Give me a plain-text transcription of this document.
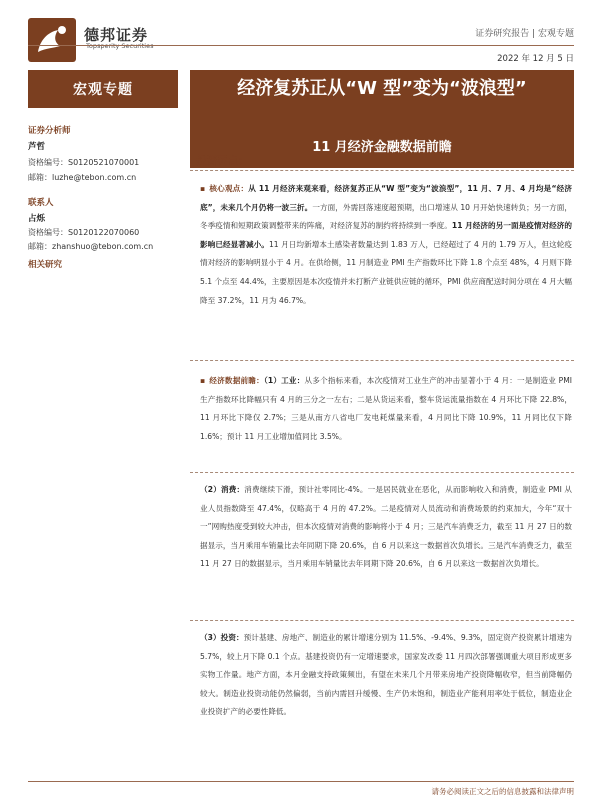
德邦证券
Topsperity Securities
证券研究报告 | 宏观专题
2022 年 12 月 5 日
宏观专题
证券分析师
芦哲
资格编号：S0120521070001
邮箱：luzhe@tebon.com.cn
联系人
占烁
资格编号：S0120122070060
邮箱：zhanshuo@tebon.com.cn
相关研究
经济复苏正从“W 型”变为“波浪型”
11 月经济金融数据前瞻
投资要点：
▪ 核心观点：从 11 月经济来观来看，经济复苏正从“W 型”变为“波浪型”，11 月、7 月、4 月均是“经济底”，未来几个月仍将一波三折。一方面，外需回落速度超预期，出口增速从 10 月开始快速转负；另一方面，冬季疫情和短期政策调整带来的阵痛，对经济复苏的制约将持续到一季度。11 月经济的另一面是疫情对经济的影响已经显著减小。11 月日均新增本土感染者数量达到 1.83 万人，已经超过了 4 月的 1.79 万人，但这轮疫情对经济的影响明显小于 4 月。在供给侧，11 月制造业 PMI 生产指数环比下降 1.8 个点至 48%，4 月则下降 5.1 个点至 44.4%，主要原因是本次疫情并未打断产业链供应链的循环，PMI 供应商配送时间分项在 4 月大幅降至 37.2%，11 月为 46.7%。
▪ 经济数据前瞻：（1）工业：从多个指标来看，本次疫情对工业生产的冲击显著小于 4 月：一是制造业 PMI 生产指数环比降幅只有 4 月的三分之一左右；二是从货运来看，整车货运流量指数在 4 月环比下降 22.8%，11 月环比下降仅 2.7%；三是从南方八省电厂发电耗煤量来看，4 月同比下降 10.9%，11 月同比仅下降 1.6%；预计 11 月工业增加值同比 3.5%。
（2）消费：消费继续下滑，预计社零同比-4%。一是居民就业在恶化，从而影响收入和消费，制造业 PMI 从业人员指数降至 47.4%，仅略高于 4 月的 47.2%。二是疫情对人员流动和消费场景的约束加大，今年“双十一”网购热度受到较大冲击，但本次疫情对消费的影响将小于 4 月；三是汽车消费乏力，截至 11 月 27 日的数据显示，当月乘用车销量比去年同期下降 20.6%，自 6 月以来这一数据首次负增长。三是汽车消费乏力，截至 11 月 27 日的数据显示，当月乘用车销量比去年同期下降 20.6%，自 6 月以来这一数据首次负增长。
（3）投资：预计基建、房地产、制造业的累计增速分别为 11.5%、-9.4%、9.3%，固定资产投资累计增速为 5.7%，较上月下降 0.1 个点。基建投资仍有一定增速要求，国家发改委 11 月四次部署强调重大项目形成更多实物工作量。地产方面，本月金融支持政策频出，有望在未来几个月带来房地产投资降幅收窄，但当前降幅仍较大。制造业投资动能仍然偏弱，当前内需回升缓慢、生产仍未饱和，制造业产能利用率处于低位，制造业企业投资扩产的必要性降低。
请务必阅读正文之后的信息披露和法律声明
